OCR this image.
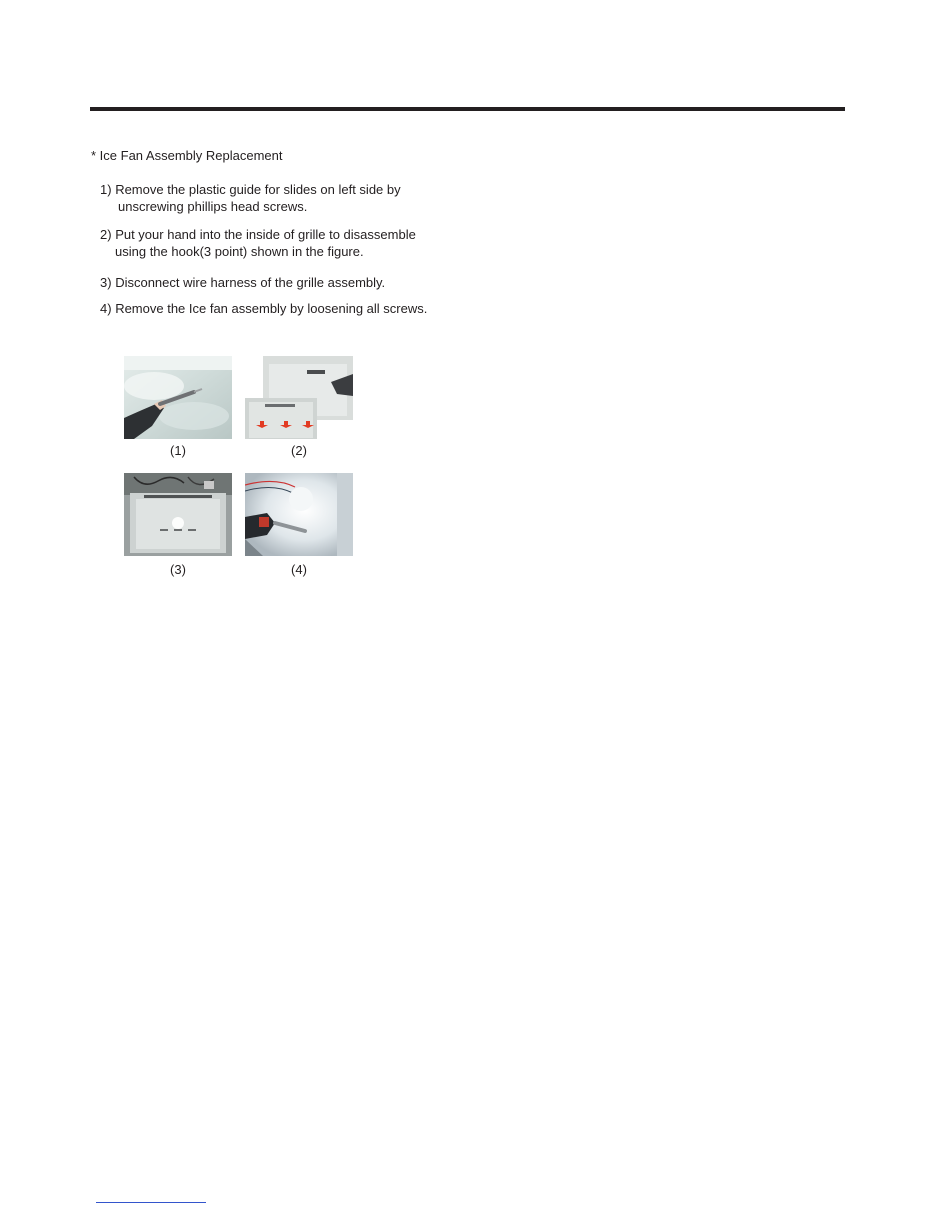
* Ice Fan Assembly Replacement
1) Remove the plastic guide for slides on left side by
unscrewing phillips head screws.
2) Put your hand into the inside of grille to disassemble
using the hook(3 point) shown in the figure.
3) Disconnect wire harness of the grille assembly.
4) Remove the Ice fan assembly by loosening all screws.
(1)	(2)
(3)	(4)
